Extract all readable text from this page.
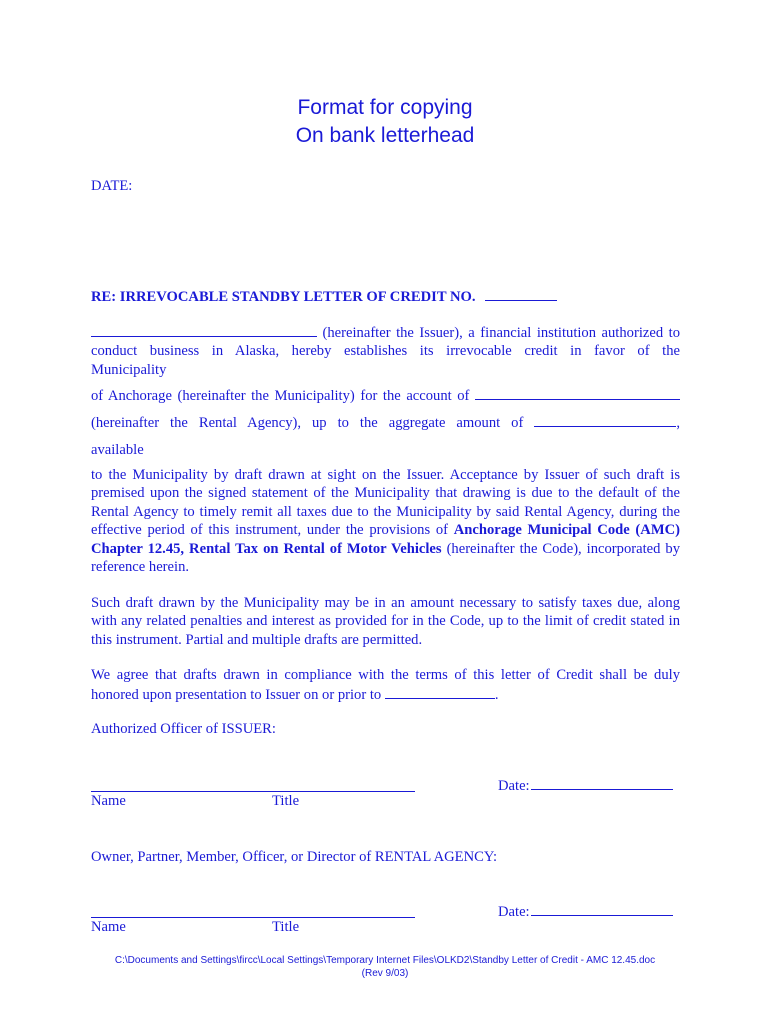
Format for copying
On bank letterhead
DATE:
RE: IRREVOCABLE STANDBY LETTER OF CREDIT NO.
(hereinafter the Issuer), a financial institution authorized to
conduct business in Alaska, hereby establishes its irrevocable credit in favor of the
Municipality
of Anchorage (hereinafter the Municipality) for the account of
(hereinafter the Rental Agency), up to the aggregate amount of	,
available
to the Municipality by draft drawn at sight on the Issuer. Acceptance by Issuer of such draft is premised upon the signed statement of the Municipality that drawing is due to the default of the Rental Agency to timely remit all taxes due to the Municipality by said Rental Agency, during the effective period of this instrument, under the provisions of Anchorage Municipal Code (AMC) Chapter 12.45, Rental Tax on Rental of Motor Vehicles (hereinafter the Code), incorporated by reference herein.
Such draft drawn by the Municipality may be in an amount necessary to satisfy taxes due, along with any related penalties and interest as provided for in the Code, up to the limit of credit stated in this instrument. Partial and multiple drafts are permitted.
We agree that drafts drawn in compliance with the terms of this letter of Credit shall be duly honored upon presentation to Issuer on or prior to	.
Authorized Officer of ISSUER:
Date:
Name	Title
Owner, Partner, Member, Officer, or Director of RENTAL AGENCY:
Date:
Name	Title
C:\Documents and Settings\fircc\Local Settings\Temporary Internet Files\OLKD2\Standby Letter of Credit - AMC 12.45.doc
(Rev 9/03)
